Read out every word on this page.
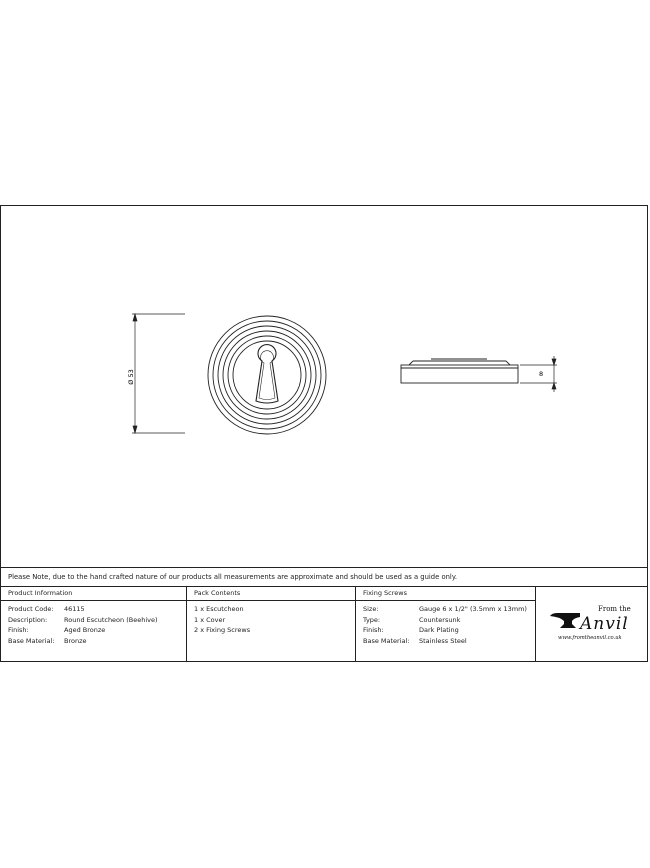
Ø 53	8
Please Note, due to the hand crafted nature of our products all measurements are approximate and should be used as a guide only.
Product Information
Product Code:	46115
Description:	Round Escutcheon (Beehive)
Finish:	Aged Bronze
Base Material:	Bronze
Pack Contents
1 x Escutcheon
1 x Cover
2 x Fixing Screws
Fixing Screws
Size:	Gauge 6 x 1/2" (3.5mm x 13mm)
Type:	Countersunk
Finish:	Dark Plating
Base Material:	Stainless Steel
From the
Anvil
www.fromtheanvil.co.uk
